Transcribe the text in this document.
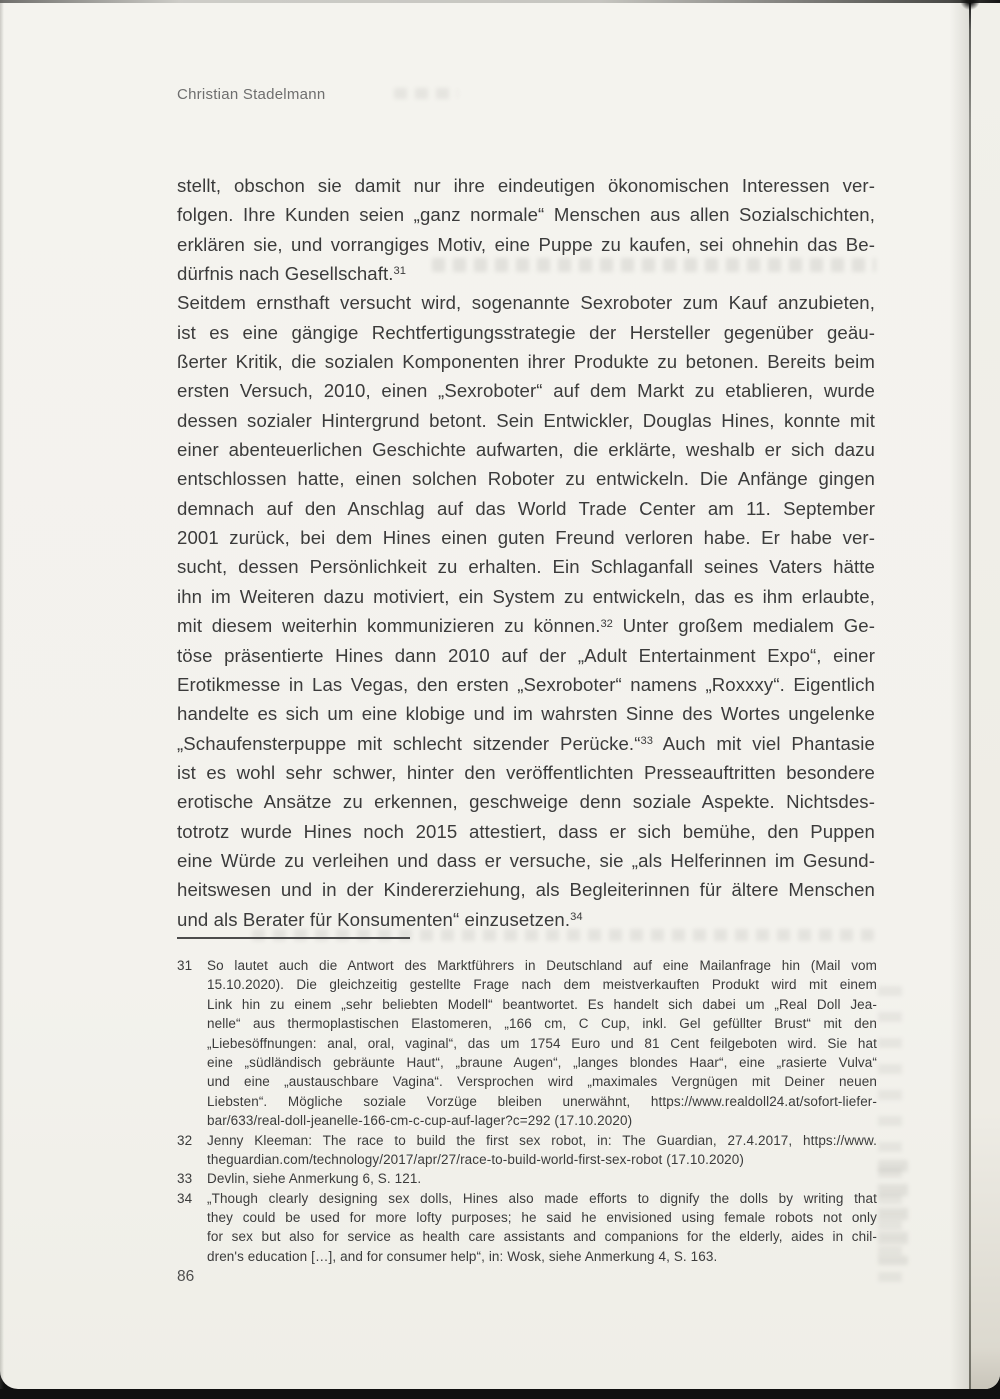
Christian Stadelmann
stellt, obschon sie damit nur ihre eindeutigen ökonomischen Interessen ver-
folgen. Ihre Kunden seien „ganz normale“ Menschen aus allen Sozialschichten,
erklären sie, und vorrangiges Motiv, eine Puppe zu kaufen, sei ohnehin das Be-
dürfnis nach Gesellschaft.$^{31}$
Seitdem ernsthaft versucht wird, sogenannte Sexroboter zum Kauf anzubieten,
ist es eine gängige Rechtfertigungsstrategie der Hersteller gegenüber geäu-
ßerter Kritik, die sozialen Komponenten ihrer Produkte zu betonen. Bereits beim
ersten Versuch, 2010, einen „Sexroboter“ auf dem Markt zu etablieren, wurde
dessen sozialer Hintergrund betont. Sein Entwickler, Douglas Hines, konnte mit
einer abenteuerlichen Geschichte aufwarten, die erklärte, weshalb er sich dazu
entschlossen hatte, einen solchen Roboter zu entwickeln. Die Anfänge gingen
demnach auf den Anschlag auf das World Trade Center am 11. September
2001 zurück, bei dem Hines einen guten Freund verloren habe. Er habe ver-
sucht, dessen Persönlichkeit zu erhalten. Ein Schlaganfall seines Vaters hätte
ihn im Weiteren dazu motiviert, ein System zu entwickeln, das es ihm erlaubte,
mit diesem weiterhin kommunizieren zu können.$^{32}$ Unter großem medialem Ge-
töse präsentierte Hines dann 2010 auf der „Adult Entertainment Expo“, einer
Erotikmesse in Las Vegas, den ersten „Sexroboter“ namens „Roxxxy“. Eigentlich
handelte es sich um eine klobige und im wahrsten Sinne des Wortes ungelenke
„Schaufensterpuppe mit schlecht sitzender Perücke.“$^{33}$ Auch mit viel Phantasie
ist es wohl sehr schwer, hinter den veröffentlichten Presseauftritten besondere
erotische Ansätze zu erkennen, geschweige denn soziale Aspekte. Nichtsdes-
totrotz wurde Hines noch 2015 attestiert, dass er sich bemühe, den Puppen
eine Würde zu verleihen und dass er versuche, sie „als Helferinnen im Gesund-
heitswesen und in der Kindererziehung, als Begleiterinnen für ältere Menschen
und als Berater für Konsumenten“ einzusetzen.$^{34}$
31	So lautet auch die Antwort des Marktführers in Deutschland auf eine Mailanfrage hin (Mail vom
15.10.2020). Die gleichzeitig gestellte Frage nach dem meistverkauften Produkt wird mit einem
Link hin zu einem „sehr beliebten Modell“ beantwortet. Es handelt sich dabei um „Real Doll Jea-
nelle“ aus thermoplastischen Elastomeren, „166 cm, C Cup, inkl. Gel gefüllter Brust“ mit den
„Liebesöffnungen: anal, oral, vaginal“, das um 1754 Euro und 81 Cent feilgeboten wird. Sie hat
eine „südländisch gebräunte Haut“, „braune Augen“, „langes blondes Haar“, eine „rasierte Vulva“
und eine „austauschbare Vagina“. Versprochen wird „maximales Vergnügen mit Deiner neuen
Liebsten“. Mögliche soziale Vorzüge bleiben unerwähnt, https://www.realdoll24.at/sofort-liefer-
bar/633/real-doll-jeanelle-166-cm-c-cup-auf-lager?c=292 (17.10.2020)
32	Jenny Kleeman: The race to build the first sex robot, in: The Guardian, 27.4.2017, https://www.
theguardian.com/technology/2017/apr/27/race-to-build-world-first-sex-robot (17.10.2020)
33	Devlin, siehe Anmerkung 6, S. 121.
34	„Though clearly designing sex dolls, Hines also made efforts to dignify the dolls by writing that
they could be used for more lofty purposes; he said he envisioned using female robots not only
for sex but also for service as health care assistants and companions for the elderly, aides in chil-
dren's education […], and for consumer help“, in: Wosk, siehe Anmerkung 4, S. 163.
86
